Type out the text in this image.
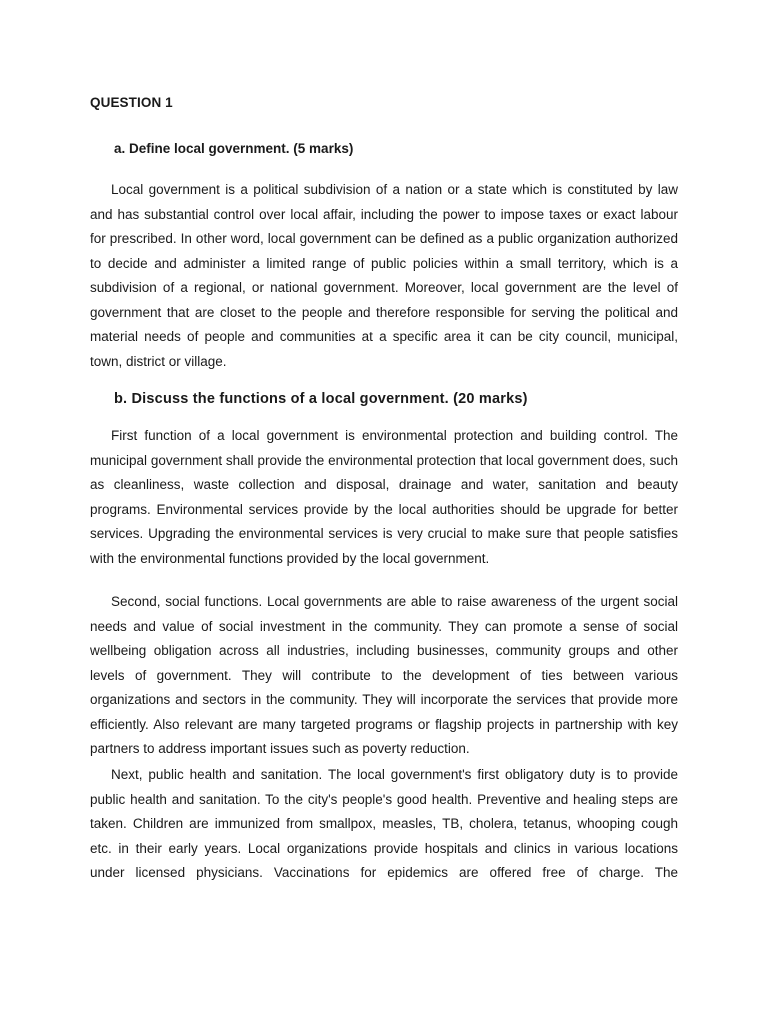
QUESTION 1
a. Define local government. (5 marks)

Local government is a political subdivision of a nation or a state which is constituted by law and has substantial control over local affair, including the power to impose taxes or exact labour for prescribed. In other word, local government can be defined as a public organization authorized to decide and administer a limited range of public policies within a small territory, which is a subdivision of a regional, or national government. Moreover, local government are the level of government that are closet to the people and therefore responsible for serving the political and material needs of people and communities at a specific area it can be city council, municipal, town, district or village.

b. Discuss the functions of a local government. (20 marks)

First function of a local government is environmental protection and building control. The municipal government shall provide the environmental protection that local government does, such as cleanliness, waste collection and disposal, drainage and water, sanitation and beauty programs. Environmental services provide by the local authorities should be upgrade for better services. Upgrading the environmental services is very crucial to make sure that people satisfies with the environmental functions provided by the local government.

Second, social functions. Local governments are able to raise awareness of the urgent social needs and value of social investment in the community. They can promote a sense of social wellbeing obligation across all industries, including businesses, community groups and other levels of government. They will contribute to the development of ties between various organizations and sectors in the community. They will incorporate the services that provide more efficiently. Also relevant are many targeted programs or flagship projects in partnership with key partners to address important issues such as poverty reduction.

Next, public health and sanitation. The local government's first obligatory duty is to provide public health and sanitation. To the city's people's good health. Preventive and healing steps are taken. Children are immunized from smallpox, measles, TB, cholera, tetanus, whooping cough etc. in their early years. Local organizations provide hospitals and clinics in various locations under licensed physicians. Vaccinations for epidemics are offered free of charge. The
